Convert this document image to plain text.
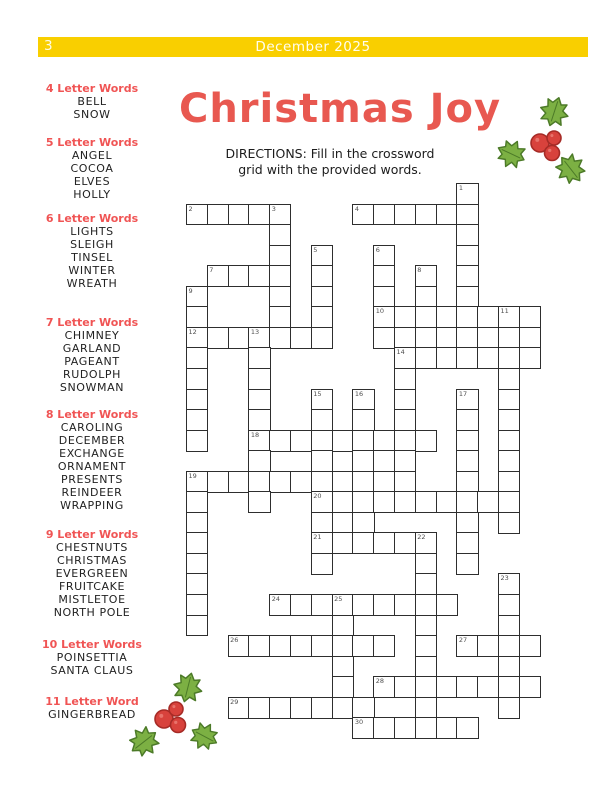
3	December 2025
Christmas Joy
DIRECTIONS: Fill in the crossword
grid with the provided words.
4 Letter Words
BELL
SNOW
5 Letter Words
ANGEL
COCOA
ELVES
HOLLY
6 Letter Words
LIGHTS
SLEIGH
TINSEL
WINTER
WREATH
7 Letter Words
CHIMNEY
GARLAND
PAGEANT
RUDOLPH
SNOWMAN
8 Letter Words
CAROLING
DECEMBER
EXCHANGE
ORNAMENT
PRESENTS
REINDEER
WRAPPING
9 Letter Words
CHESTNUTS
CHRISTMAS
EVERGREEN
FRUITCAKE
MISTLETOE
NORTH POLE
10 Letter Words
POINSETTIA
SANTA CLAUS
11 Letter Word
GINGERBREAD
1
2	3	4
5	6
7	8
9
10	11
12	13
14
15	16	17
18
19
20
21	22
23
24	25
26	27
28
29
30
